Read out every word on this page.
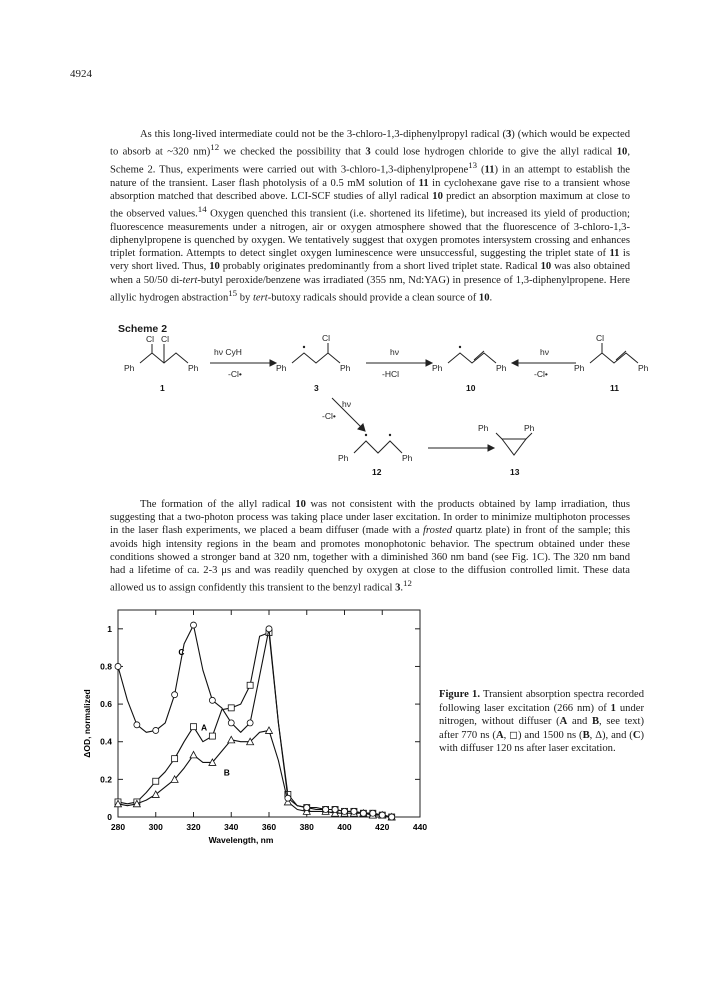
4924

As this long-lived intermediate could not be the 3-chloro-1,3-diphenylpropyl radical (3) (which would be expected to absorb at ~320 nm)$^{12}$ we checked the possibility that 3 could lose hydrogen chloride to give the allyl radical 10, Scheme 2. Thus, experiments were carried out with 3-chloro-1,3-diphenylpropene$^{13}$ (11) in an attempt to establish the nature of the transient. Laser flash photolysis of a 0.5 mM solution of 11 in cyclohexane gave rise to a transient whose absorption matched that described above. LCI-SCF studies of allyl radical 10 predict an absorption maximum at close to the observed values.$^{14}$ Oxygen quenched this transient (i.e. shortened its lifetime), but increased its yield of production; fluorescence measurements under a nitrogen, air or oxygen atmosphere showed that the fluorescence of 3-chloro-1,3-diphenylpropene is quenched by oxygen. We tentatively suggest that oxygen promotes intersystem crossing and enhances triplet formation. Attempts to detect singlet oxygen luminescence were unsuccessful, suggesting the triplet state of 11 is very short lived. Thus, 10 probably originates predominantly from a short lived triplet state. Radical 10 was also obtained when a 50/50 di-tert-butyl peroxide/benzene was irradiated (355 nm, Nd:YAG) in presence of 1,3-diphenylpropene. Here allylic hydrogen abstraction$^{15}$ by tert-butoxy radicals should provide a clean source of 10.

Scheme 2
Cl Cl
Ph	Ph
hν CyH
-Cl•
Cl
Ph	Ph
hν
-HCl
Ph	Ph
hν
-Cl•
Cl
Ph	Ph
hν
-Cl•
Ph	Ph
Ph	Ph
1	3	10	11
12	13

The formation of the allyl radical 10 was not consistent with the products obtained by lamp irradiation, thus suggesting that a two-photon process was taking place under laser excitation. In order to minimize multiphoton processes in the laser flash experiments, we placed a beam diffuser (made with a frosted quartz plate) in front of the sample; this avoids high intensity regions in the beam and promotes monophotonic behavior. The spectrum obtained under these conditions showed a stronger band at 320 nm, together with a diminished 360 nm band (see Fig. 1C). The 320 nm band had a lifetime of ca. 2-3 μs and was readily quenched by oxygen at close to the diffusion controlled limit. These data allowed us to assign confidently this transient to the benzyl radical 3.12

280	300	320	340	360	380	400	420	440
0
0.2
0.4
0.6
0.8
1
Wavelength, nm
ΔOD, normalized	A
B
C

Figure 1. Transient absorption spectra recorded following laser excitation (266 nm) of 1 under nitrogen, without diffuser (A and B, see text) after 770 ns (A, ◻) and 1500 ns (B, Δ), and (C) with diffuser 120 ns after laser excitation.
